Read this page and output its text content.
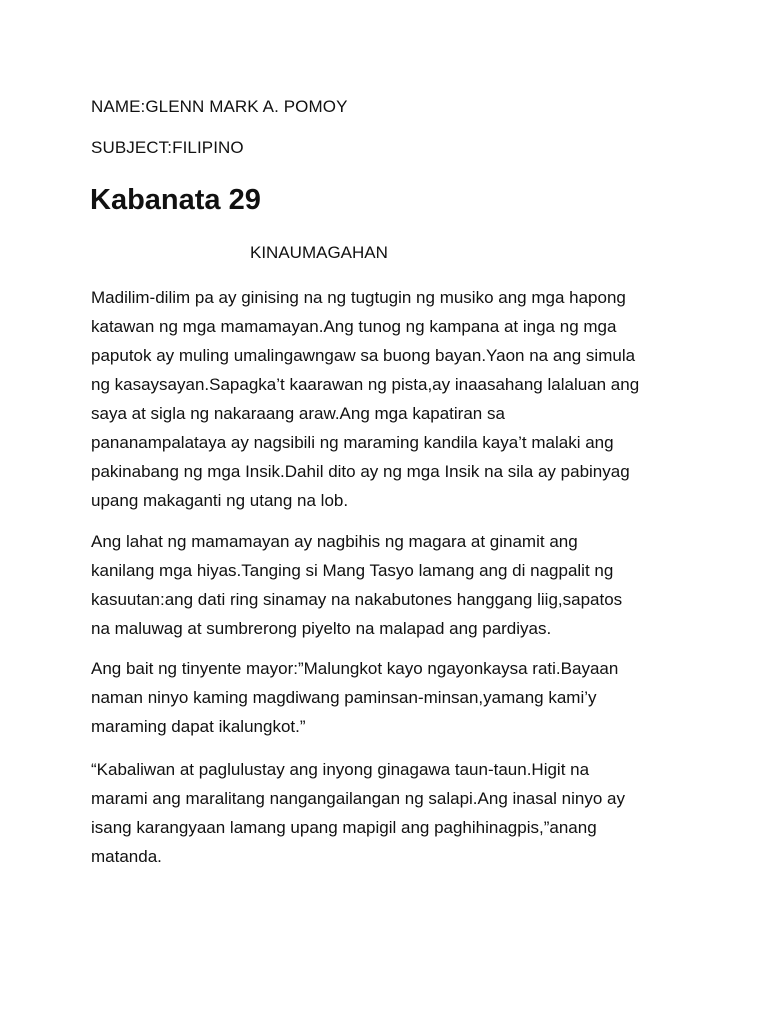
NAME:GLENN MARK A. POMOY
SUBJECT:FILIPINO
Kabanata 29
KINAUMAGAHAN
Madilim-dilim pa ay ginising na ng tugtugin ng musiko ang mga hapong
katawan ng mga mamamayan.Ang tunog ng kampana at inga ng mga
paputok ay muling umalingawngaw sa buong bayan.Yaon na ang simula
ng kasaysayan.Sapagka’t kaarawan ng pista,ay inaasahang lalaluan ang
saya at sigla ng nakaraang araw.Ang mga kapatiran sa
pananampalataya ay nagsibili ng maraming kandila kaya’t malaki ang
pakinabang ng mga Insik.Dahil dito ay ng mga Insik na sila ay pabinyag
upang makaganti ng utang na lob.
Ang lahat ng mamamayan ay nagbihis ng magara at ginamit ang
kanilang mga hiyas.Tanging si Mang Tasyo lamang ang di nagpalit ng
kasuutan:ang dati ring sinamay na nakabutones hanggang liig,sapatos
na maluwag at sumbrerong piyelto na malapad ang pardiyas.
Ang bait ng tinyente mayor:”Malungkot kayo ngayonkaysa rati.Bayaan
naman ninyo kaming magdiwang paminsan-minsan,yamang kami’y
maraming dapat ikalungkot.”
“Kabaliwan at paglulustay ang inyong ginagawa taun-taun.Higit na
marami ang maralitang nangangailangan ng salapi.Ang inasal ninyo ay
isang karangyaan lamang upang mapigil ang paghihinagpis,”anang
matanda.
